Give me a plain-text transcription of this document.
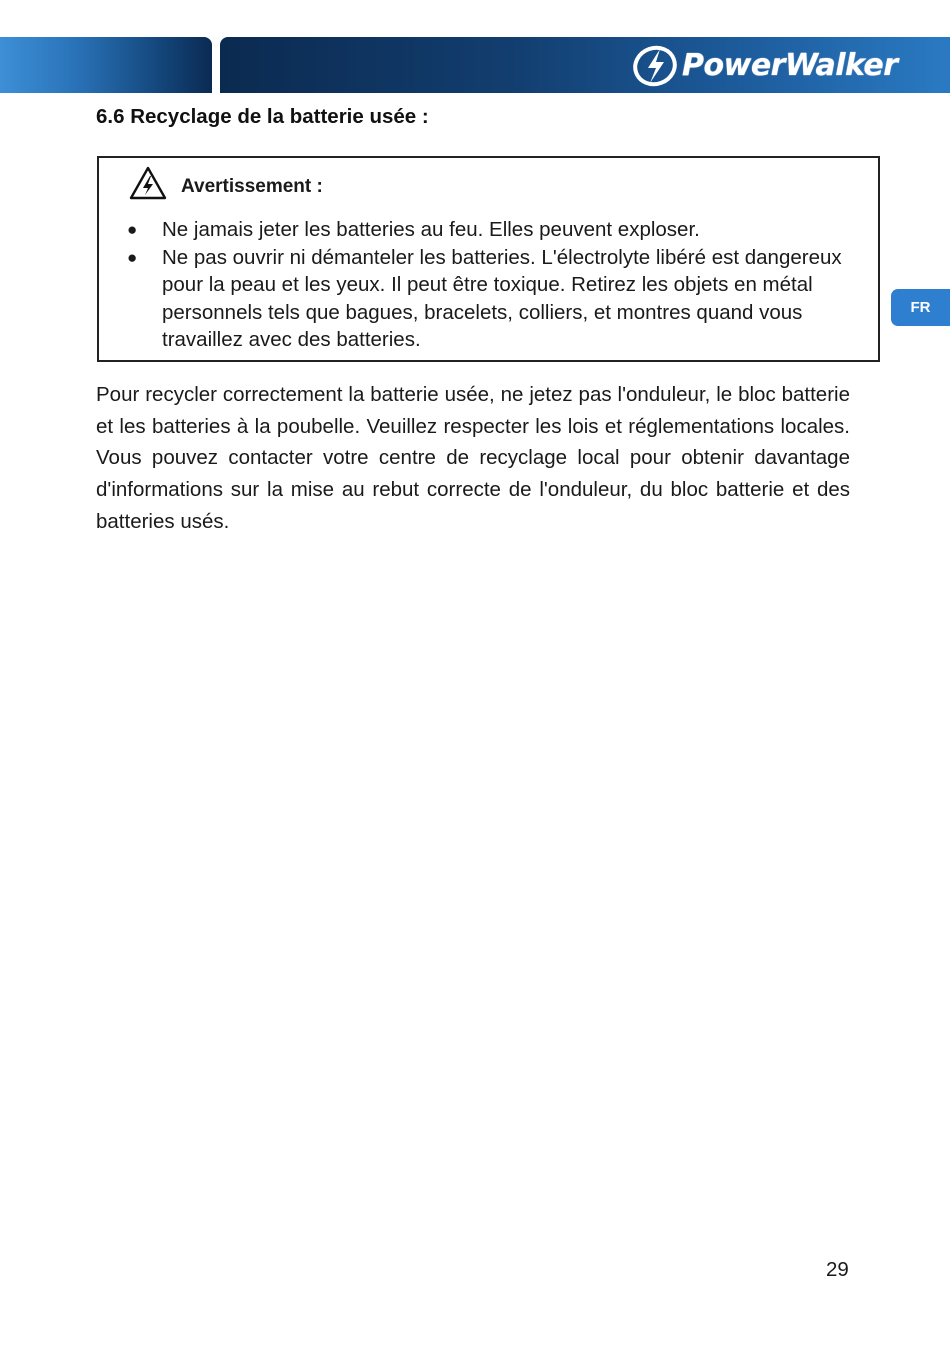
PowerWalker
6.6 Recyclage de la batterie usée :
Avertissement :
● Ne jamais jeter les batteries au feu. Elles peuvent exploser.
● Ne pas ouvrir ni démanteler les batteries. L'électrolyte libéré est dangereux pour la peau et les yeux. Il peut être toxique. Retirez les objets en métal personnels tels que bagues, bracelets, colliers, et montres quand vous travaillez avec des batteries.

Pour recycler correctement la batterie usée, ne jetez pas l'onduleur, le bloc batterie et les batteries à la poubelle. Veuillez respecter les lois et réglementations locales. Vous pouvez contacter votre centre de recyclage local pour obtenir davantage d'informations sur la mise au rebut correcte de l'onduleur, du bloc batterie et des batteries usés.

FR
29
